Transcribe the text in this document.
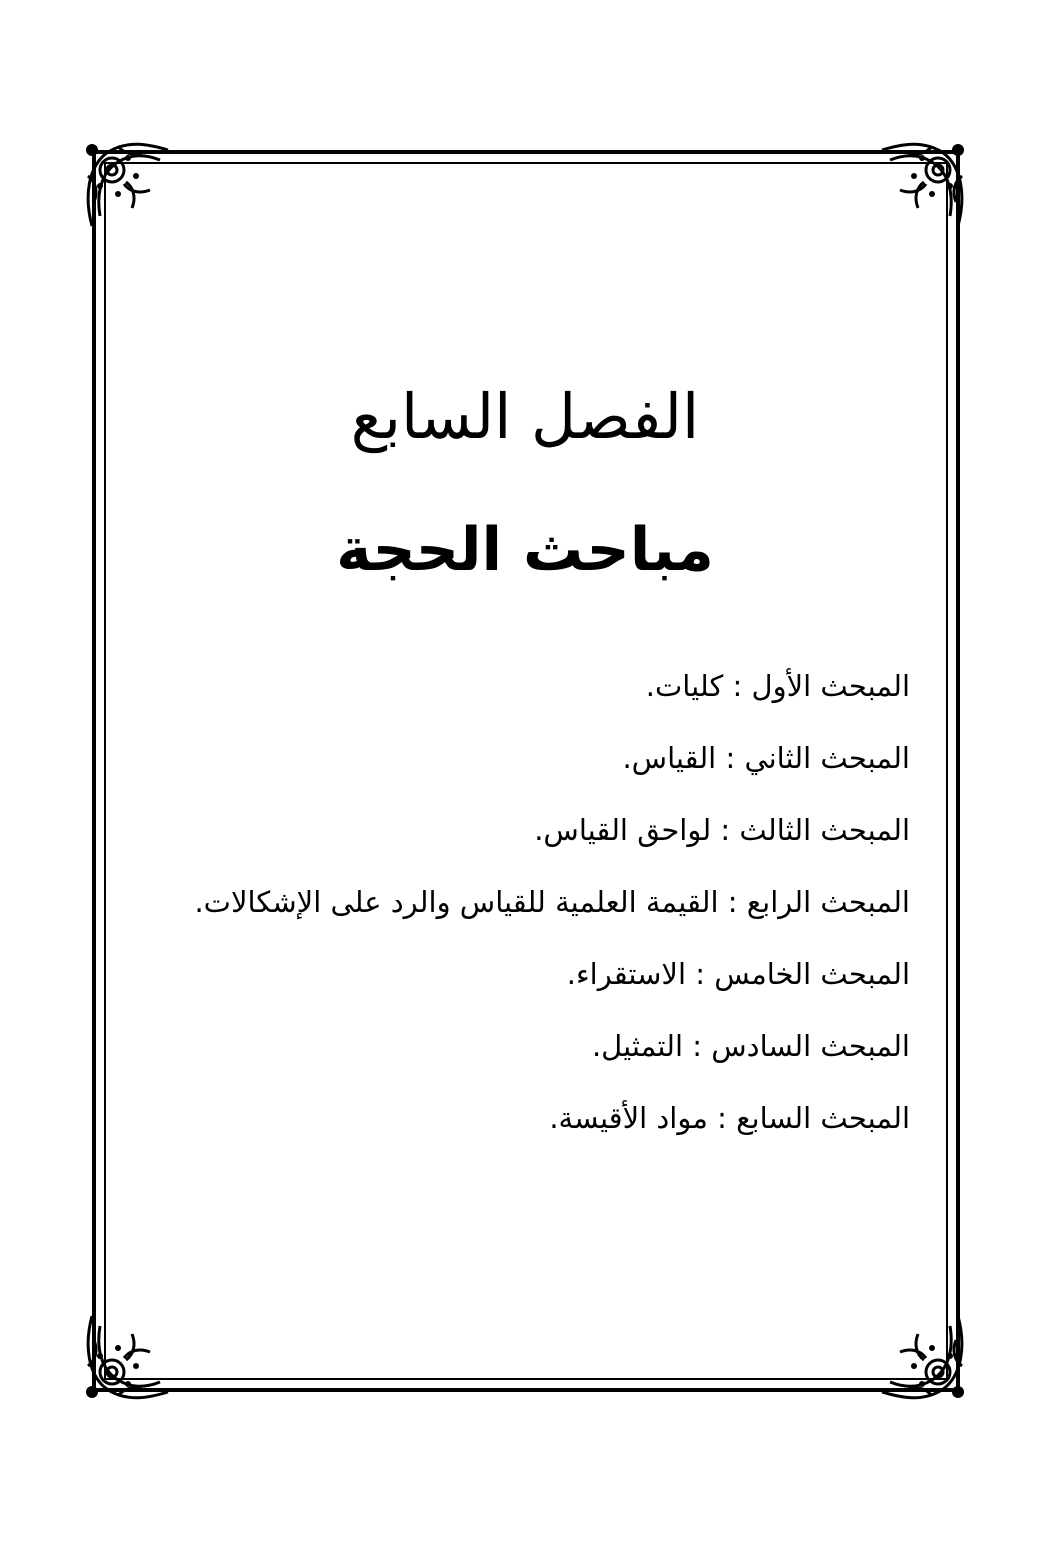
الفصل السابع
مباحث الحجة
المبحث الأول : كليات.
المبحث الثاني : القياس.
المبحث الثالث : لواحق القياس.
المبحث الرابع : القيمة العلمية للقياس والرد على الإشكالات.
المبحث الخامس : الاستقراء.
المبحث السادس : التمثيل.
المبحث السابع : مواد الأقيسة.
